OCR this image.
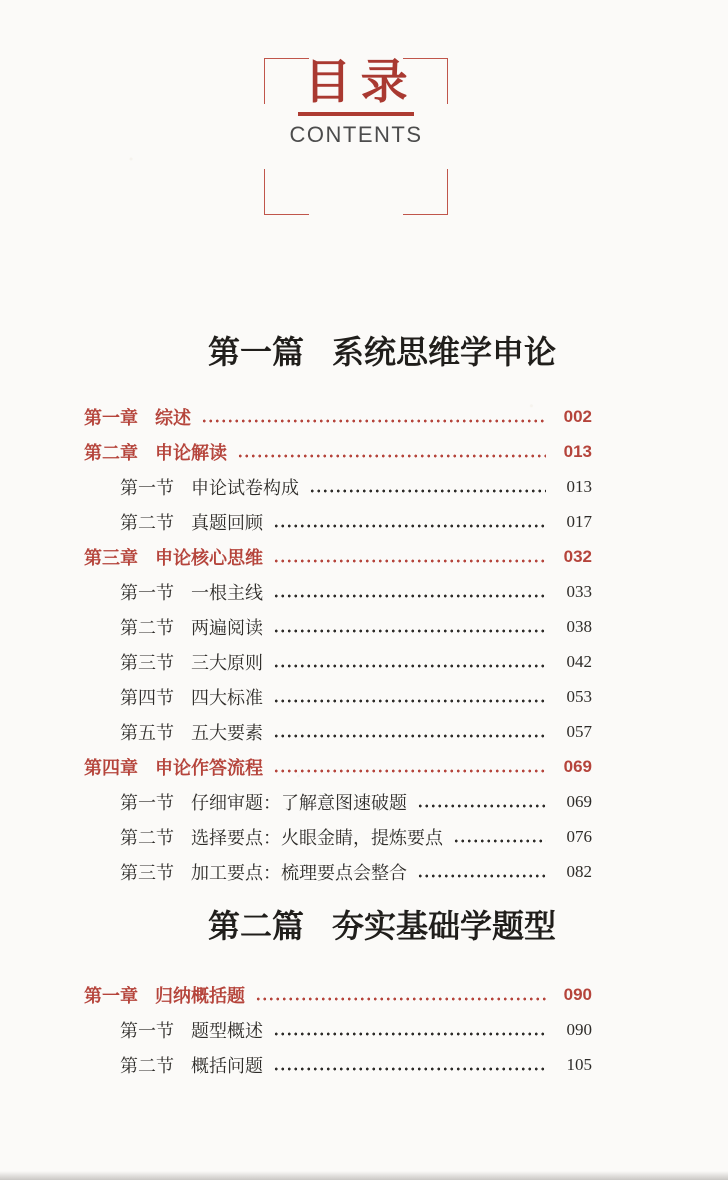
目录
CONTENTS
第一篇 系统思维学申论
第一章 综述	002
第二章 申论解读	013
第一节 申论试卷构成	013
第二节 真题回顾	017
第三章 申论核心思维	032
第一节 一根主线	033
第二节 两遍阅读	038
第三节 三大原则	042
第四节 四大标准	053
第五节 五大要素	057
第四章 申论作答流程	069
第一节 仔细审题：了解意图速破题	069
第二节 选择要点：火眼金睛，提炼要点	076
第三节 加工要点：梳理要点会整合	082
第二篇 夯实基础学题型
第一章 归纳概括题	090
第一节 题型概述	090
第二节 概括问题	105
